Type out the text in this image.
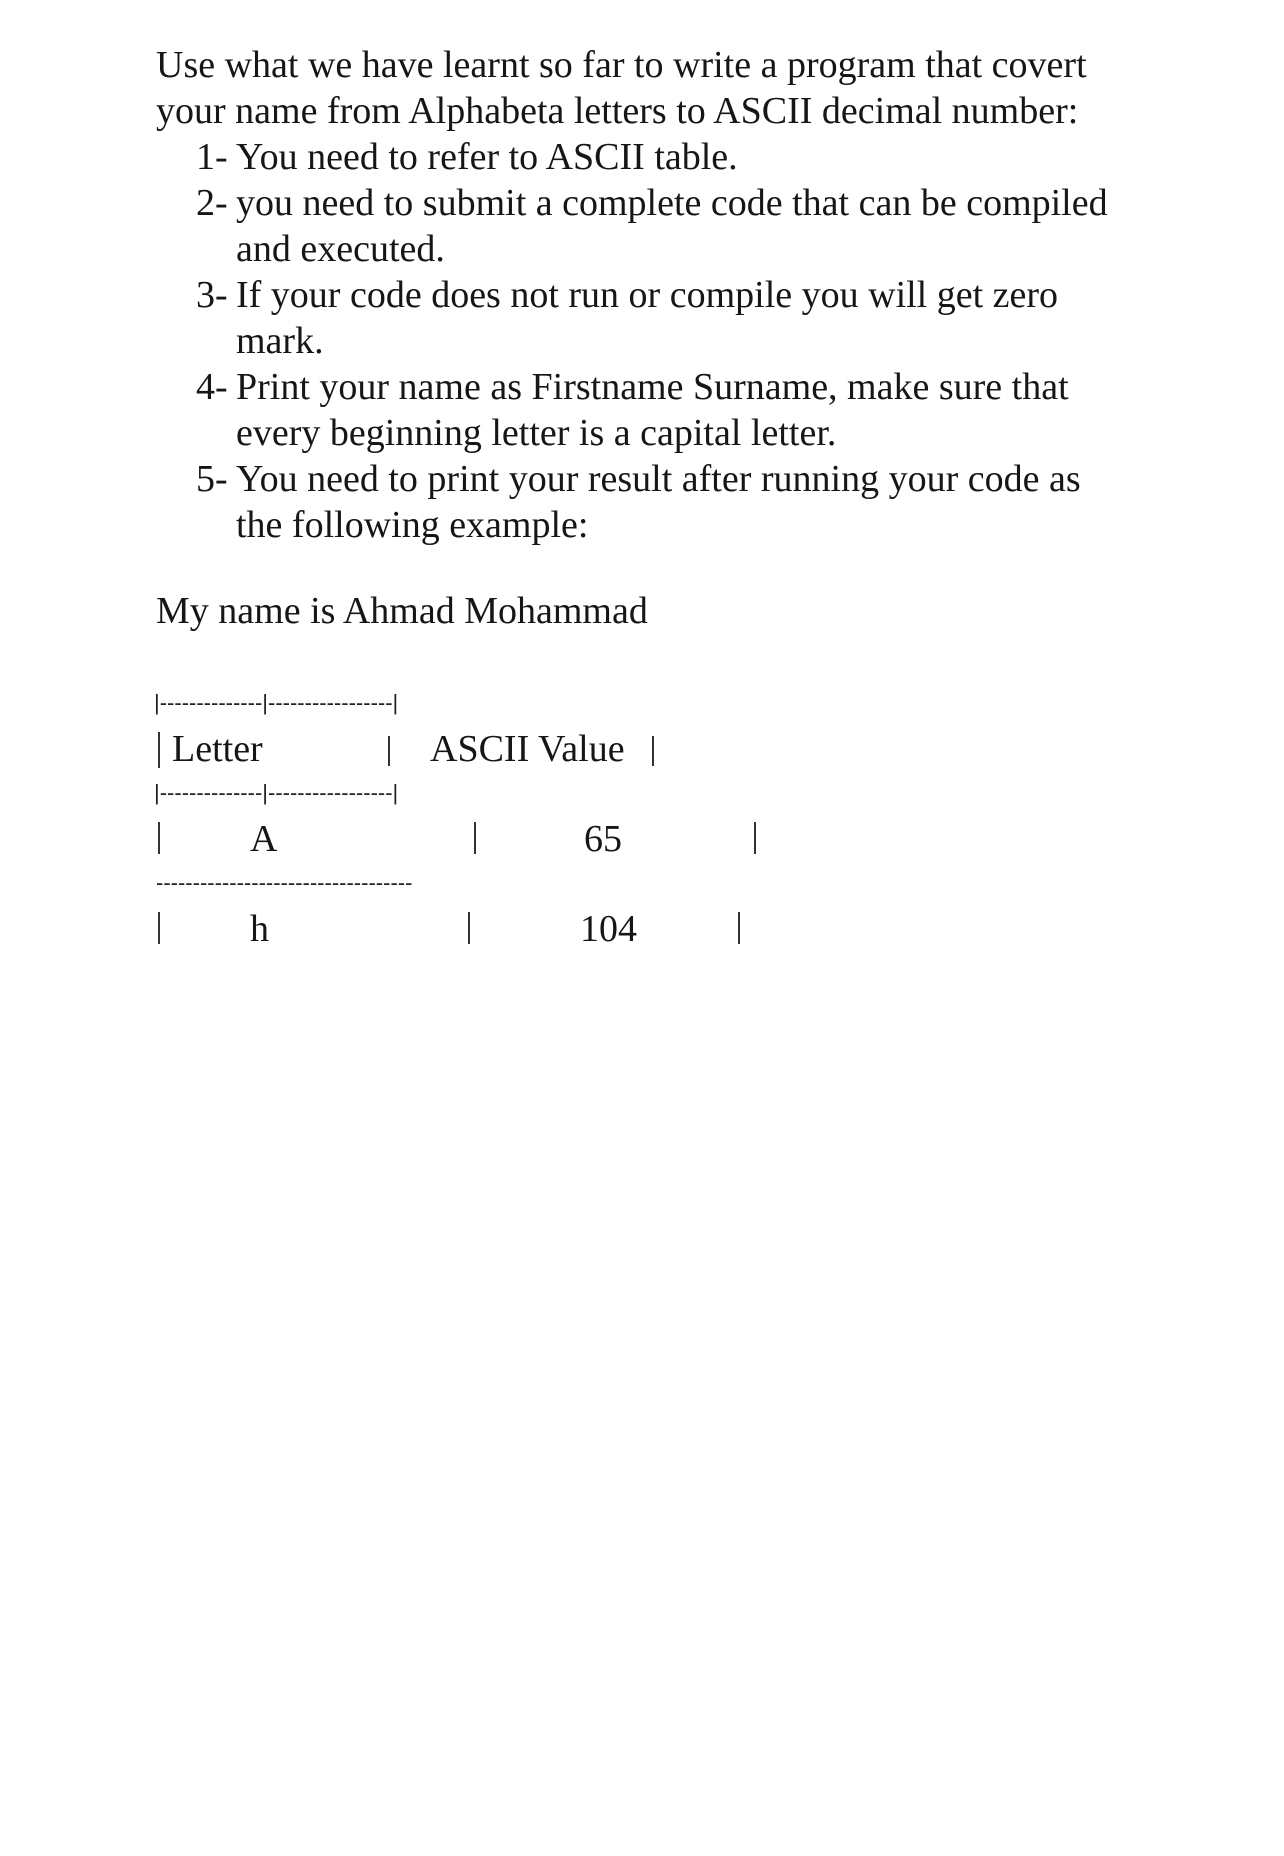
Use what we have learnt so far to write a program that covert
your name from Alphabeta letters to ASCII decimal number:

1- You need to refer to ASCII table.
2- you need to submit a complete code that can be compiled
and executed.
3- If your code does not run or compile you will get zero
mark.
4- Print your name as Firstname Surname, make sure that
every beginning letter is a capital letter.
5- You need to print your result after running your code as
the following example:

My name is Ahmad Mohammad

|--------------|-----------------|
Letter	ASCII Value
|--------------|-----------------|
A	65
-----------------------------------
h	104
